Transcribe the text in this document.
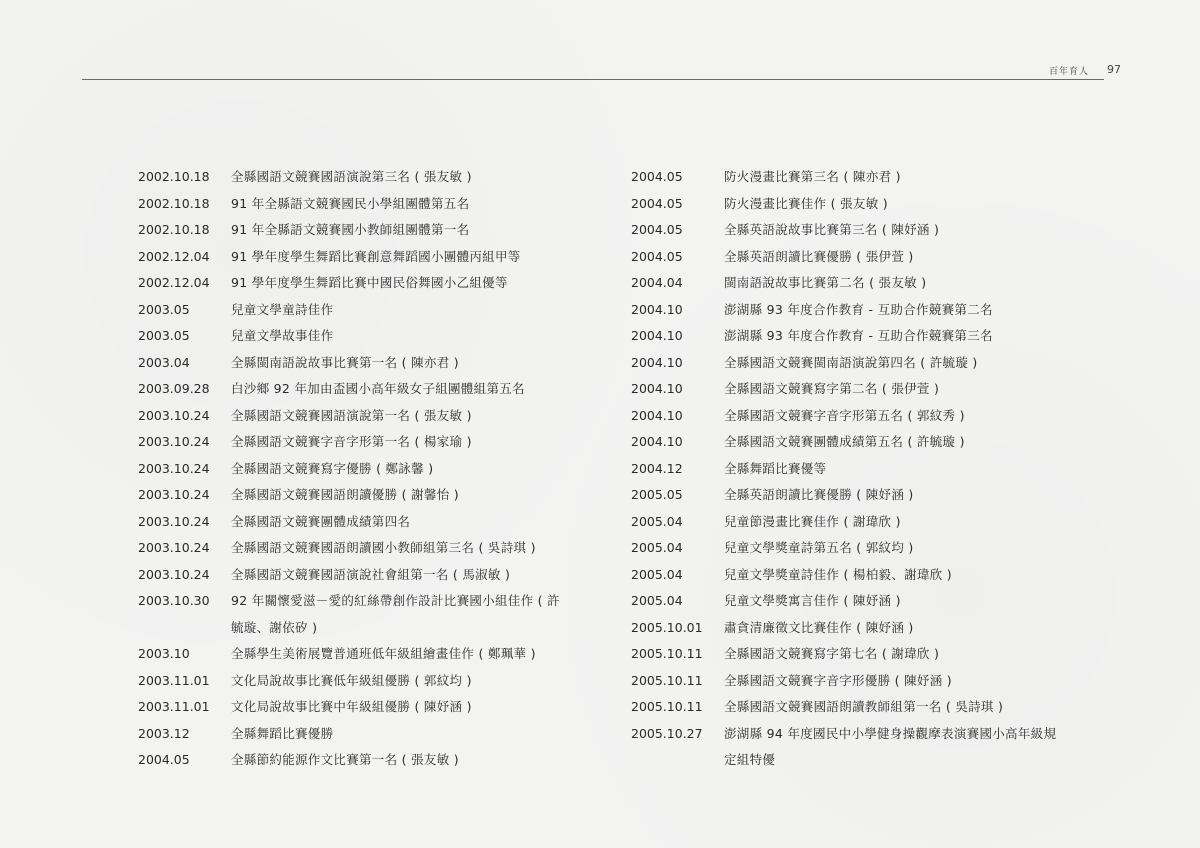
百年育人 97
2002.10.18	全縣國語文競賽國語演說第三名 ( 張友敏 )
2002.10.18	91 年全縣語文競賽國民小學組團體第五名
2002.10.18	91 年全縣語文競賽國小教師組團體第一名
2002.12.04	91 學年度學生舞蹈比賽創意舞蹈國小團體丙組甲等
2002.12.04	91 學年度學生舞蹈比賽中國民俗舞國小乙組優等
2003.05	兒童文學童詩佳作
2003.05	兒童文學故事佳作
2003.04	全縣閩南語說故事比賽第一名 ( 陳亦君 )
2003.09.28	白沙鄉 92 年加由盃國小高年級女子組團體組第五名
2003.10.24	全縣國語文競賽國語演說第一名 ( 張友敏 )
2003.10.24	全縣國語文競賽字音字形第一名 ( 楊家瑜 )
2003.10.24	全縣國語文競賽寫字優勝 ( 鄭詠馨 )
2003.10.24	全縣國語文競賽國語朗讀優勝 ( 謝馨怡 )
2003.10.24	全縣國語文競賽團體成績第四名
2003.10.24	全縣國語文競賽國語朗讀國小教師組第三名 ( 吳詩琪 )
2003.10.24	全縣國語文競賽國語演說社會組第一名 ( 馬淑敏 )
2003.10.30	92 年關懷愛滋－愛的紅絲帶創作設計比賽國小組佳作 ( 許
毓璇、謝依矽 )
2003.10	全縣學生美術展覽普通班低年級組繪畫佳作 ( 鄭珮華 )
2003.11.01	文化局說故事比賽低年級組優勝 ( 郭紋均 )
2003.11.01	文化局說故事比賽中年級組優勝 ( 陳妤涵 )
2003.12	全縣舞蹈比賽優勝
2004.05	全縣節約能源作文比賽第一名 ( 張友敏 )
2004.05	防火漫畫比賽第三名 ( 陳亦君 )
2004.05	防火漫畫比賽佳作 ( 張友敏 )
2004.05	全縣英語說故事比賽第三名 ( 陳妤涵 )
2004.05	全縣英語朗讀比賽優勝 ( 張伊萱 )
2004.04	閩南語說故事比賽第二名 ( 張友敏 )
2004.10	澎湖縣 93 年度合作教育 - 互助合作競賽第二名
2004.10	澎湖縣 93 年度合作教育 - 互助合作競賽第三名
2004.10	全縣國語文競賽閩南語演說第四名 ( 許毓璇 )
2004.10	全縣國語文競賽寫字第二名 ( 張伊萱 )
2004.10	全縣國語文競賽字音字形第五名 ( 郭紋秀 )
2004.10	全縣國語文競賽團體成績第五名 ( 許毓璇 )
2004.12	全縣舞蹈比賽優等
2005.05	全縣英語朗讀比賽優勝 ( 陳妤涵 )
2005.04	兒童節漫畫比賽佳作 ( 謝瑋欣 )
2005.04	兒童文學獎童詩第五名 ( 郭紋均 )
2005.04	兒童文學獎童詩佳作 ( 楊柏毅、謝瑋欣 )
2005.04	兒童文學獎寓言佳作 ( 陳妤涵 )
2005.10.01	肅貪清廉徵文比賽佳作 ( 陳妤涵 )
2005.10.11	全縣國語文競賽寫字第七名 ( 謝瑋欣 )
2005.10.11	全縣國語文競賽字音字形優勝 ( 陳妤涵 )
2005.10.11	全縣國語文競賽國語朗讀教師組第一名 ( 吳詩琪 )
2005.10.27	澎湖縣 94 年度國民中小學健身操觀摩表演賽國小高年級規
定組特優
